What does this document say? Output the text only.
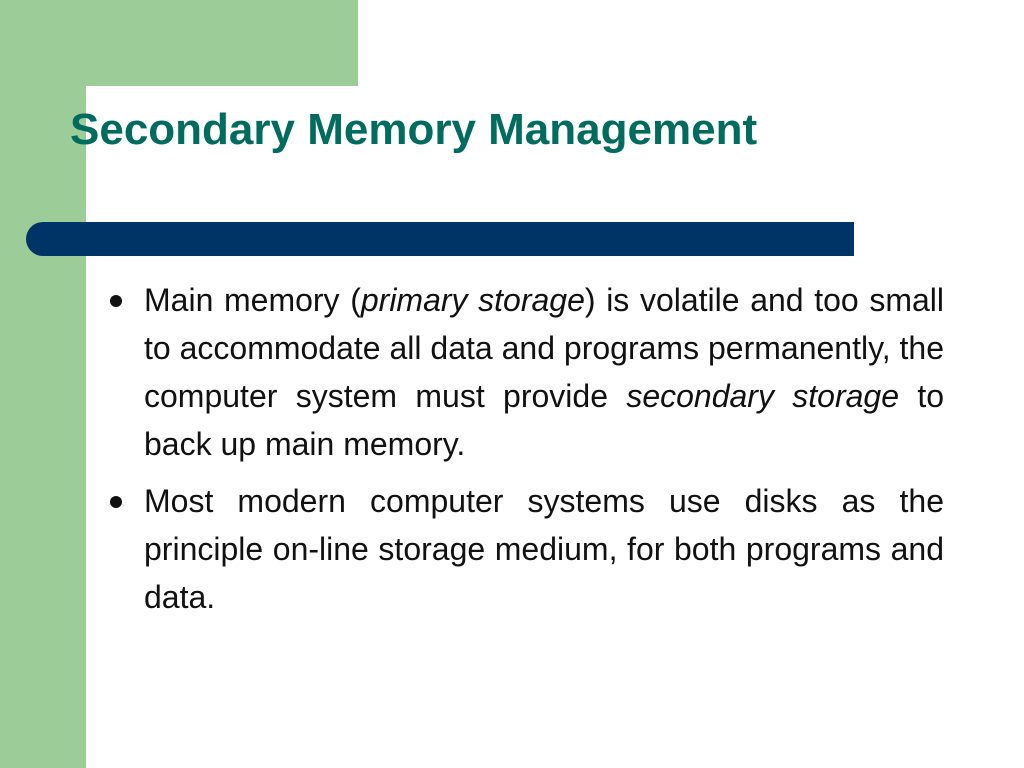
Secondary Memory Management
Main memory (primary storage) is volatile and too small to accommodate all data and programs permanently, the computer system must provide secondary storage to back up main memory.
Most modern computer systems use disks as the principle on-line storage medium, for both programs and data.
